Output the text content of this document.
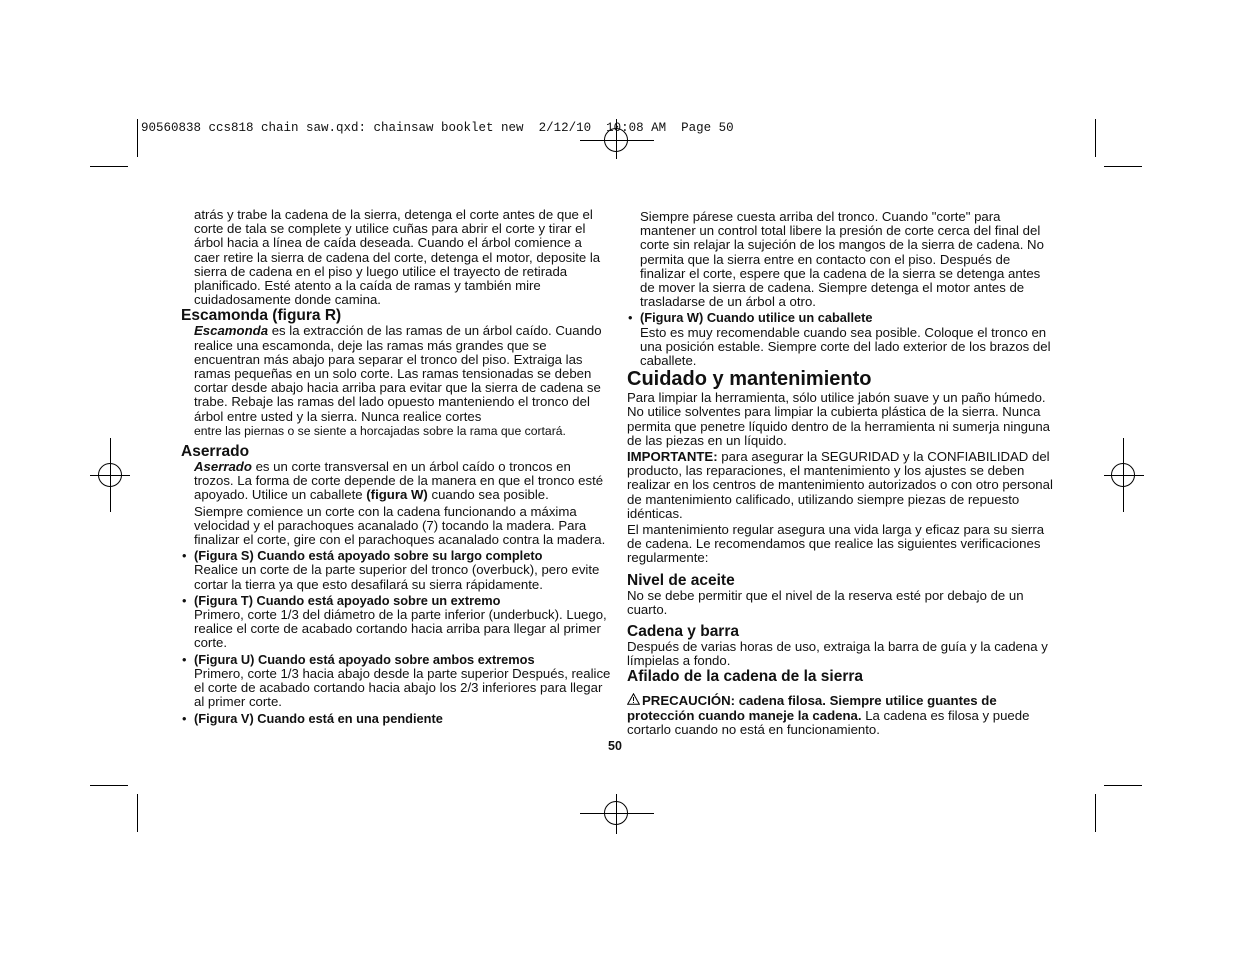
90560838 ccs818 chain saw.qxd: chainsaw booklet new  2/12/10  10:08 AM  Page 50

atrás y trabe la cadena de la sierra, detenga el corte antes de que el corte de tala se complete y utilice cuñas para abrir el corte y tirar el árbol hacia a línea de caída deseada. Cuando el árbol comience a caer retire la sierra de cadena del corte, detenga el motor, deposite la sierra de cadena en el piso y luego utilice el trayecto de retirada planificado. Esté atento a la caída de ramas y también mire cuidadosamente donde camina.

Escamonda (figura R)

Escamonda es la extracción de las ramas de un árbol caído. Cuando realice una escamonda, deje las ramas más grandes que se encuentran más abajo para separar el tronco del piso. Extraiga las ramas pequeñas en un solo corte. Las ramas tensionadas se deben cortar desde abajo hacia arriba para evitar que la sierra de cadena se trabe. Rebaje las ramas del lado opuesto manteniendo el tronco del árbol entre usted y la sierra. Nunca realice cortes

entre las piernas o se siente a horcajadas sobre la rama que cortará.

Aserrado

Aserrado es un corte transversal en un árbol caído o troncos en trozos. La forma de corte depende de la manera en que el tronco esté apoyado. Utilice un caballete (figura W) cuando sea posible.

Siempre comience un corte con la cadena funcionando a máxima velocidad y el parachoques acanalado (7) tocando la madera. Para finalizar el corte, gire con el parachoques acanalado contra la madera.

• (Figura S) Cuando está apoyado sobre su largo completo

Realice un corte de la parte superior del tronco (overbuck), pero evite cortar la tierra ya que esto desafilará su sierra rápidamente.

• (Figura T) Cuando está apoyado sobre un extremo

Primero, corte 1/3 del diámetro de la parte inferior (underbuck). Luego, realice el corte de acabado cortando hacia arriba para llegar al primer corte.

• (Figura U) Cuando está apoyado sobre ambos extremos

Primero, corte 1/3 hacia abajo desde la parte superior Después, realice el corte de acabado cortando hacia abajo los 2/3 inferiores para llegar al primer corte.

• (Figura V) Cuando está en una pendiente

Siempre párese cuesta arriba del tronco. Cuando "corte" para mantener un control total libere la presión de corte cerca del final del corte sin relajar la sujeción de los mangos de la sierra de cadena. No permita que la sierra entre en contacto con el piso. Después de finalizar el corte, espere que la cadena de la sierra se detenga antes de mover la sierra de cadena. Siempre detenga el motor antes de trasladarse de un árbol a otro.

• (Figura W) Cuando utilice un caballete

Esto es muy recomendable cuando sea posible. Coloque el tronco en una posición estable. Siempre corte del lado exterior de los brazos del caballete.

Cuidado y mantenimiento

Para limpiar la herramienta, sólo utilice jabón suave y un paño húmedo. No utilice solventes para limpiar la cubierta plástica de la sierra. Nunca permita que penetre líquido dentro de la herramienta ni sumerja ninguna de las piezas en un líquido.

IMPORTANTE: para asegurar la SEGURIDAD y la CONFIABILIDAD del producto, las reparaciones, el mantenimiento y los ajustes se deben realizar en los centros de mantenimiento autorizados o con otro personal de mantenimiento calificado, utilizando siempre piezas de repuesto idénticas.

El mantenimiento regular asegura una vida larga y eficaz para su sierra de cadena. Le recomendamos que realice las siguientes verificaciones regularmente:

Nivel de aceite

No se debe permitir que el nivel de la reserva esté por debajo de un cuarto.

Cadena y barra

Después de varias horas de uso, extraiga la barra de guía y la cadena y límpielas a fondo.

Afilado de la cadena de la sierra

PRECAUCIÓN: cadena filosa. Siempre utilice guantes de protección cuando maneje la cadena. La cadena es filosa y puede cortarlo cuando no está en funcionamiento.

50
